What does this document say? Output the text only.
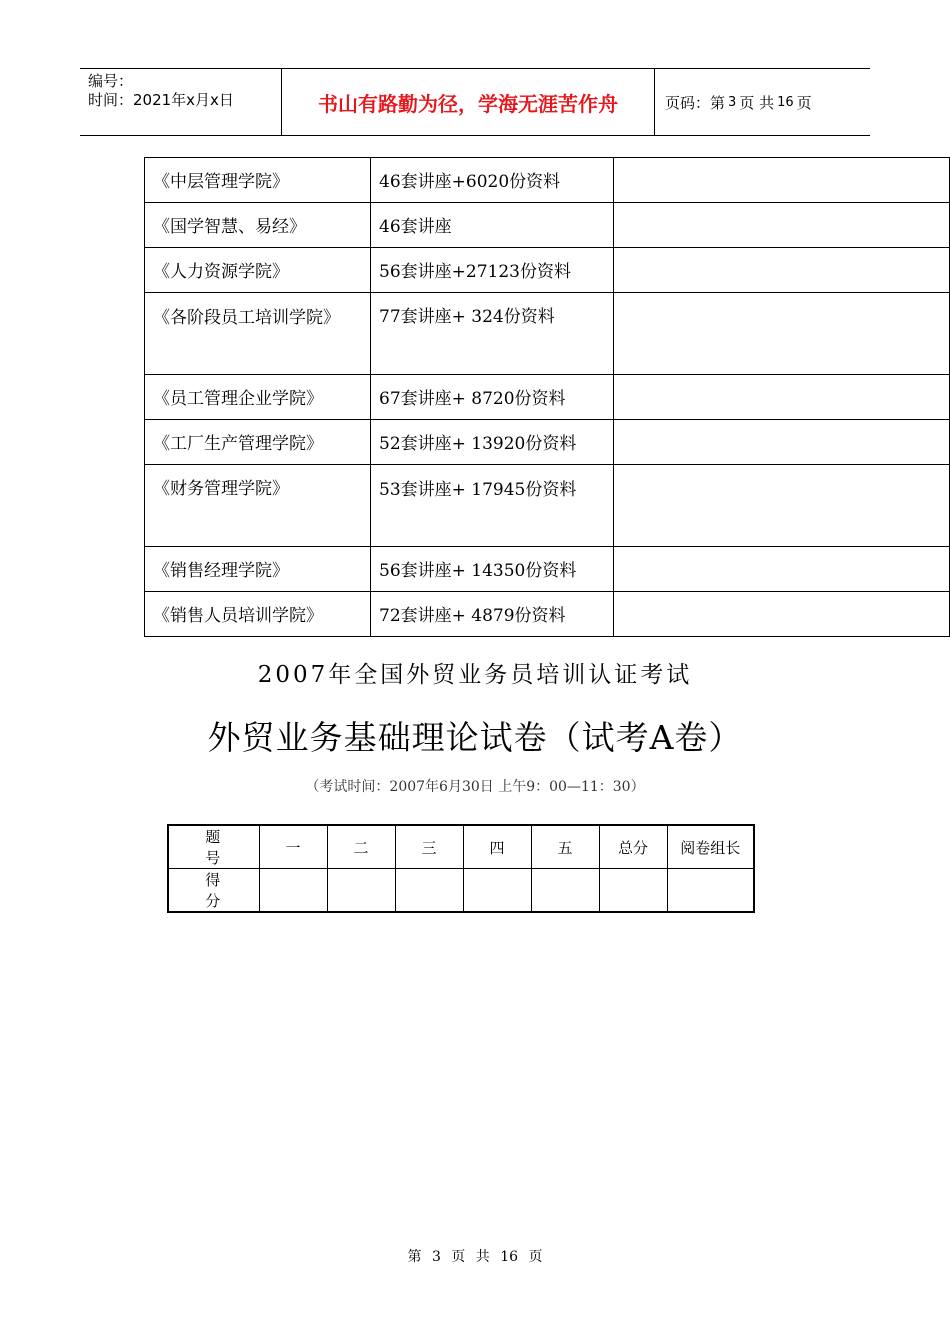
编号：
时间：2021年x月x日	书山有路勤为径，学海无涯苦作舟	页码：第 3 页 共 16 页
《中层管理学院》	46套讲座+6020份资料	
《国学智慧、易经》	46套讲座	
《人力资源学院》	56套讲座+27123份资料	

《各阶段员工培训学院》	77套讲座+ 324份资料	
《员工管理企业学院》	67套讲座+ 8720份资料	
《工厂生产管理学院》	52套讲座+ 13920份资料	
《财务管理学院》	53套讲座+ 17945份资料	

《销售经理学院》	56套讲座+ 14350份资料	
《销售人员培训学院》	72套讲座+ 4879份资料	
2007年全国外贸业务员培训认证考试
外贸业务基础理论试卷（试考A卷）
（考试时间：2007年6月30日 上午9：00—11：30）
题号	一	二	三	四	五	总分	阅卷组长
得分							
第 3 页 共 16 页
